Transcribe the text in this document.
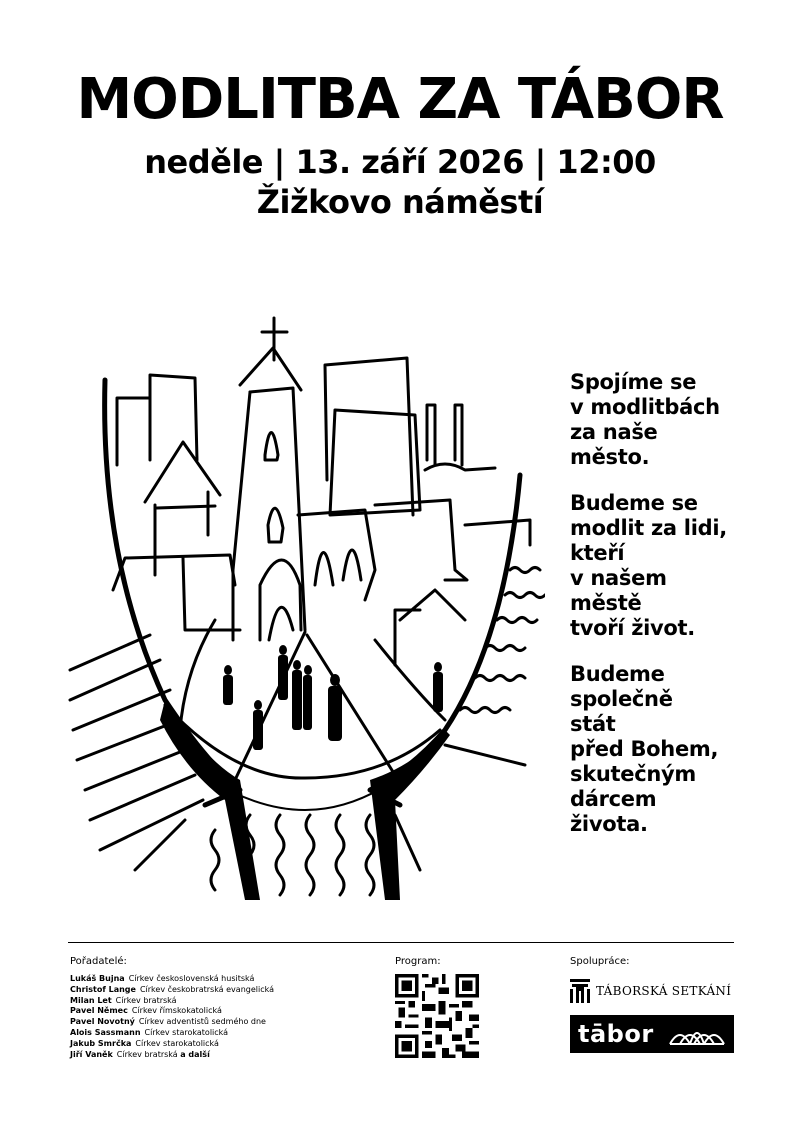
MODLITBA ZA TÁBOR
neděle | 13. září 2026 | 12:00
Žižkovo náměstí

Spojíme se
v modlitbách
za naše
město.

Budeme se
modlit za lidi,
kteří
v našem
městě
tvoří život.

Budeme
společně
stát
před Bohem,
skutečným
dárcem
života.

Pořadatelé:
Lukáš Bujna Církev československá husitská
Christof Lange Církev českobratrská evangelická
Milan Let Církev bratrská
Pavel Němec Církev římskokatolická
Pavel Novotný Církev adventistů sedmého dne
Alois Sassmann Církev starokatolická
Jakub Smrčka Církev starokatolická
Jiří Vaněk Církev bratrská a další
Program:	Spolupráce:
TÁBORSKÁ SETKÁNÍ
tābor
